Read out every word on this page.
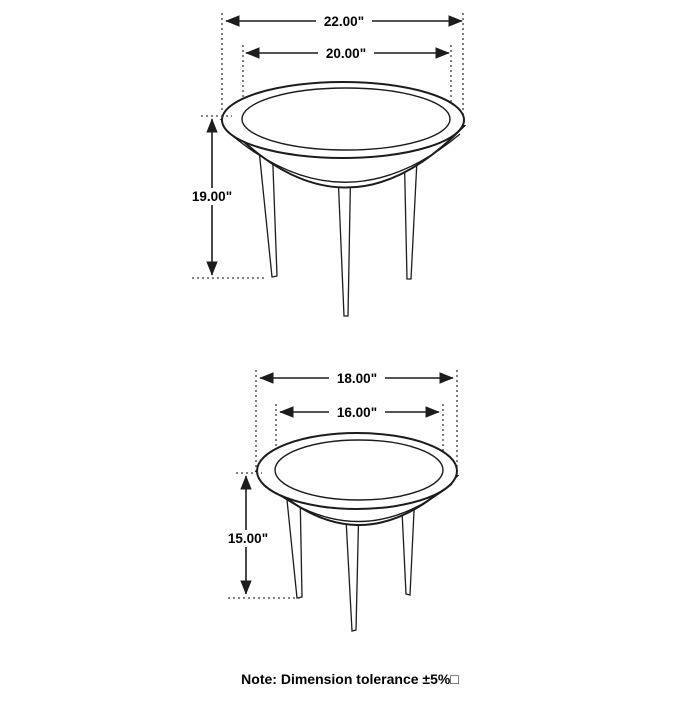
22.00"
20.00"
19.00"
18.00"
16.00"
15.00"
Note: Dimension tolerance ±5%□
